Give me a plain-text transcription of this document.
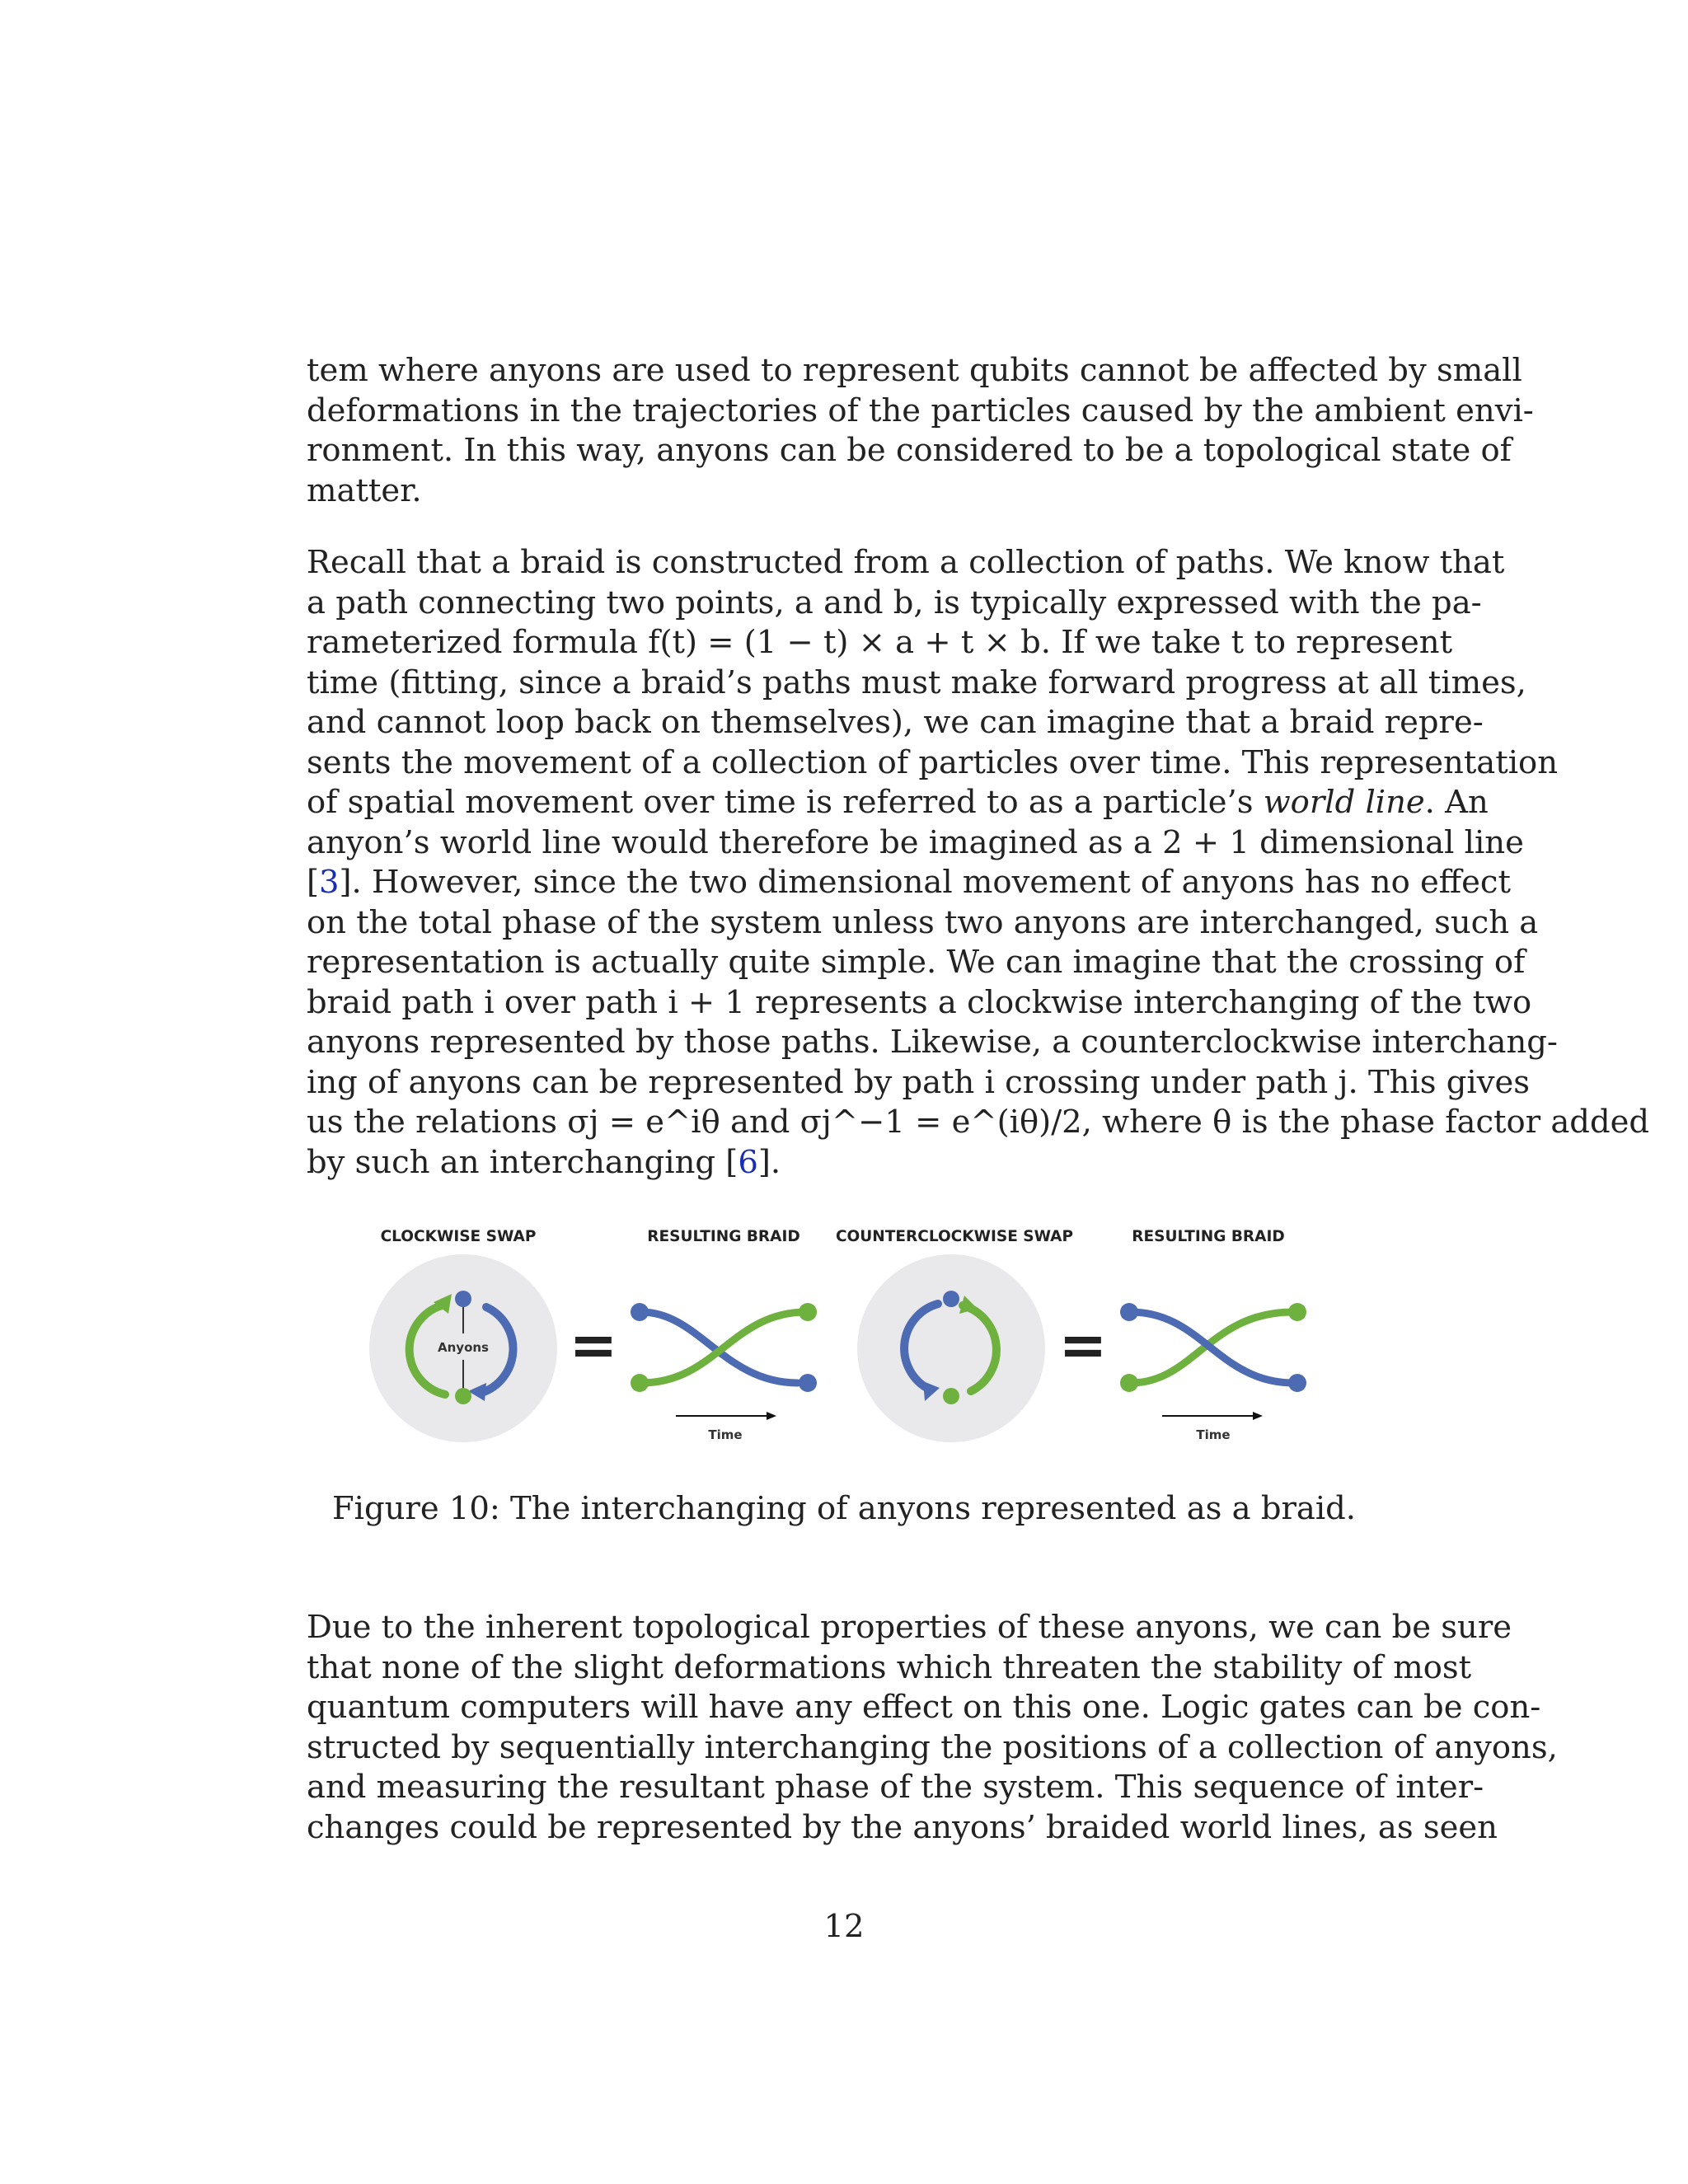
tem where anyons are used to represent qubits cannot be affected by small
deformations in the trajectories of the particles caused by the ambient envi-
ronment. In this way, anyons can be considered to be a topological state of
matter.
Recall that a braid is constructed from a collection of paths. We know that
a path connecting two points, a and b, is typically expressed with the pa-
rameterized formula f(t) = (1 − t) × a + t × b. If we take t to represent
time (fitting, since a braid’s paths must make forward progress at all times,
and cannot loop back on themselves), we can imagine that a braid repre-
sents the movement of a collection of particles over time. This representation
of spatial movement over time is referred to as a particle’s world line. An
anyon’s world line would therefore be imagined as a 2 + 1 dimensional line
[3]. However, since the two dimensional movement of anyons has no effect
on the total phase of the system unless two anyons are interchanged, such a
representation is actually quite simple. We can imagine that the crossing of
braid path i over path i + 1 represents a clockwise interchanging of the two
anyons represented by those paths. Likewise, a counterclockwise interchang-
ing of anyons can be represented by path i crossing under path j. This gives
us the relations σj = e^iθ and σj^−1 = e^(iθ)/2, where θ is the phase factor added
by such an interchanging [6].
CLOCKWISE SWAP	RESULTING BRAID COUNTERCLOCKWISE SWAP	RESULTING BRAID
Anyons =
Time
=
Time
Figure 10: The interchanging of anyons represented as a braid.
Due to the inherent topological properties of these anyons, we can be sure
that none of the slight deformations which threaten the stability of most
quantum computers will have any effect on this one. Logic gates can be con-
structed by sequentially interchanging the positions of a collection of anyons,
and measuring the resultant phase of the system. This sequence of inter-
changes could be represented by the anyons’ braided world lines, as seen
12
